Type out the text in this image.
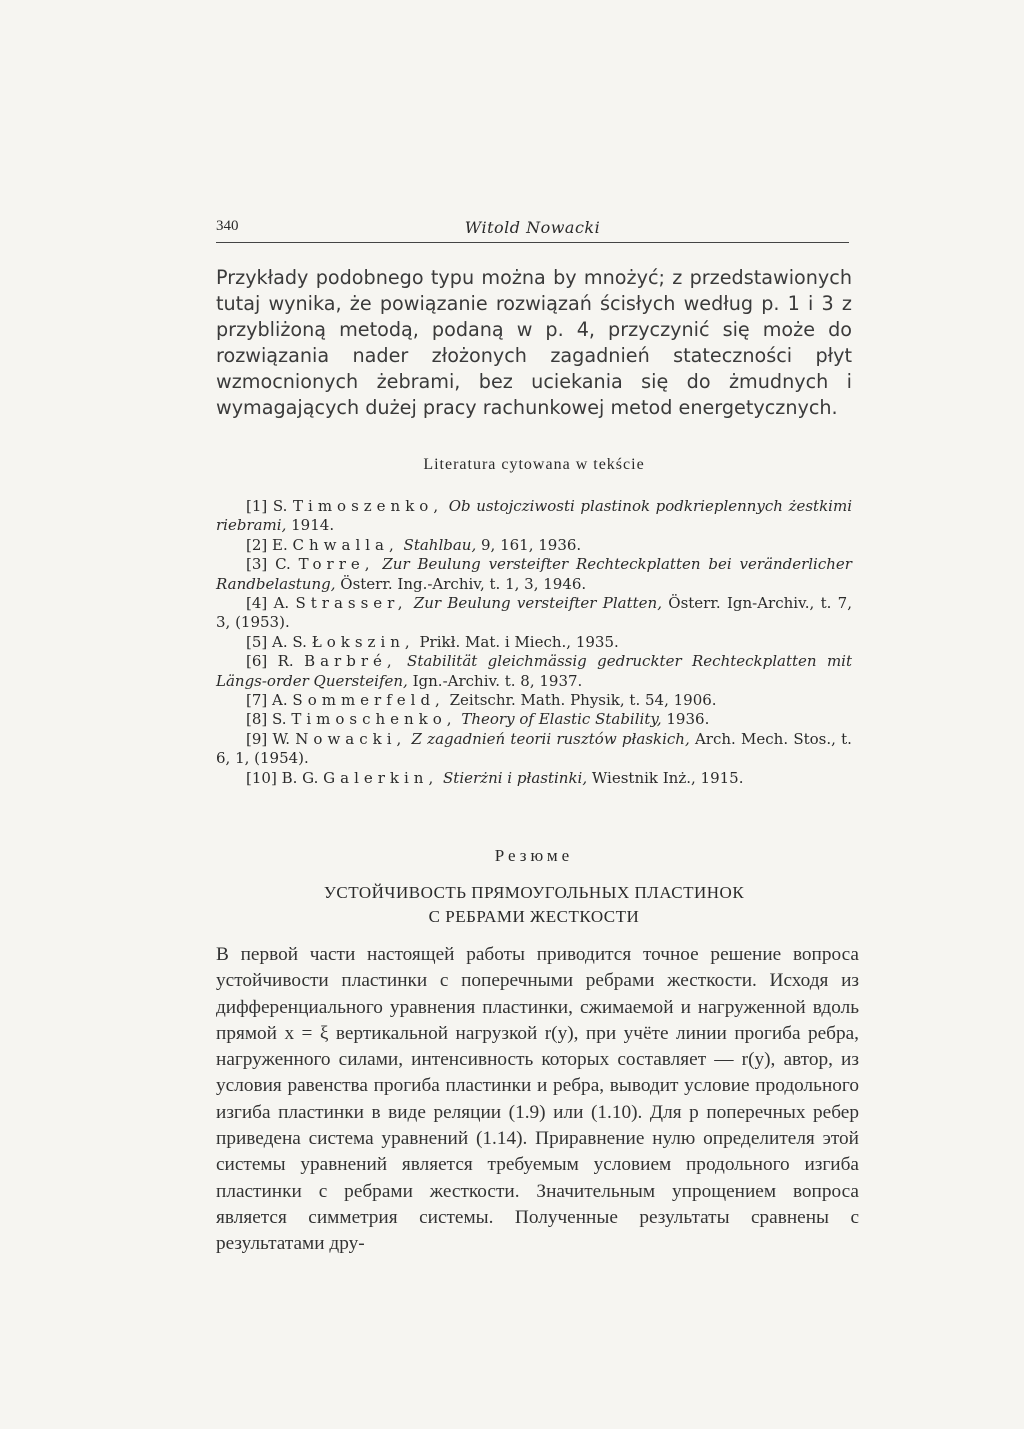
340	Witold Nowacki

Przykłady podobnego typu można by mnożyć; z przedstawionych tutaj wynika, że powiązanie rozwiązań ścisłych według p. 1 i 3 z przybliżoną metodą, podaną w p. 4, przyczynić się może do rozwiązania nader złożonych zagadnień stateczności płyt wzmocnionych żebrami, bez uciekania się do żmudnych i wymagających dużej pracy rachunkowej metod energetycznych.

Literatura cytowana w tekście

[1] S. Timoszenko, Ob ustojcziwosti plastinok podkrieplennych żestkimi riebrami, 1914.

[2] E. Chwalla, Stahlbau, 9, 161, 1936.

[3] C. Torre, Zur Beulung versteifter Rechteckplatten bei veränderlicher Randbelastung, Österr. Ing.-Archiv, t. 1, 3, 1946.

[4] A. Strasser, Zur Beulung versteifter Platten, Österr. Ign-Archiv., t. 7, 3, (1953).

[5] A. S. Łokszin, Prikł. Mat. i Miech., 1935.

[6] R. Barbré, Stabilität gleichmässig gedruckter Rechteckplatten mit Längs-order Quersteifen, Ign.-Archiv. t. 8, 1937.

[7] A. Sommerfeld, Zeitschr. Math. Physik, t. 54, 1906.

[8] S. Timoschenko, Theory of Elastic Stability, 1936.

[9] W. Nowacki, Z zagadnień teorii rusztów płaskich, Arch. Mech. Stos., t. 6, 1, (1954).

[10] B. G. Galerkin, Stierżni i płastinki, Wiestnik Inż., 1915.

Резюме
УСТОЙЧИВОСТЬ ПРЯМОУГОЛЬНЫХ ПЛАСТИНОК
С РЕБРАМИ ЖЕСТКОСТИ

В первой части настоящей работы приводится точное решение вопроса устойчивости пластинки с поперечными ребрами жесткости. Исходя из дифференциального уравнения пластинки, сжимаемой и нагруженной вдоль прямой x = ξ вертикальной нагрузкой r(y), при учёте линии прогиба ребра, нагруженного силами, интенсивность которых составляет — r(y), автор, из условия равенства прогиба пластинки и ребра, выводит условие продольного изгиба пластинки в виде реляции (1.9) или (1.10). Для p поперечных ребер приведена система уравнений (1.14). Приравнение нулю определителя этой системы уравнений является требуемым условием продольного изгиба пластинки с ребрами жесткости. Значительным упрощением вопроса является симметрия системы. Полученные результаты сравнены с результатами дру-
